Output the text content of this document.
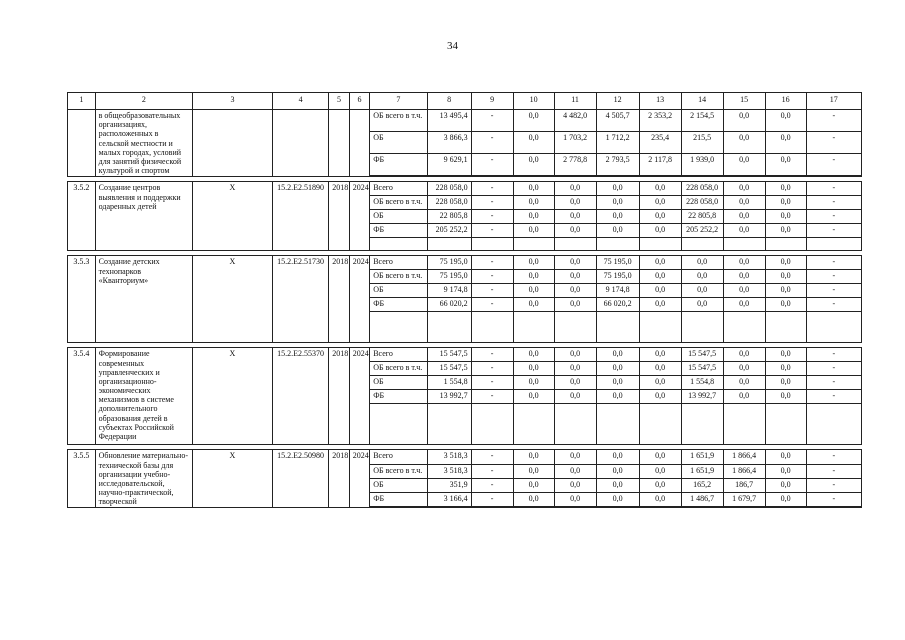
34
1	2	3	4	5	6	7	8	9	10	11	12	13	14	15	16	17
	в общеобразовательных организациях, расположенных в сельской местности и малых городах, условий для занятий физической культурой и спортом					ОБ всего в т.ч.	13 495,4	-	0,0	4 482,0	4 505,7	2 353,2	2 154,5	0,0	0,0	-
						ОБ	3 866,3	-	0,0	1 703,2	1 712,2	235,4	215,5	0,0	0,0	-
						ФБ	9 629,1	-	0,0	2 778,8	2 793,5	2 117,8	1 939,0	0,0	0,0	-

3.5.2	Создание центров выявления и поддержки одаренных детей	Х	15.2.Е2.51890	2018	2024	Всего	228 058,0	-	0,0	0,0	0,0	0,0	228 058,0	0,0	0,0	-
						ОБ всего в т.ч.	228 058,0	-	0,0	0,0	0,0	0,0	228 058,0	0,0	0,0	-
						ОБ	22 805,8	-	0,0	0,0	0,0	0,0	22 805,8	0,0	0,0	-
						ФБ	205 252,2	-	0,0	0,0	0,0	0,0	205 252,2	0,0	0,0	-

3.5.3	Создание детских технопарков «Кванториум»	Х	15.2.Е2.51730	2018	2024	Всего	75 195,0	-	0,0	0,0	75 195,0	0,0	0,0	0,0	0,0	-
						ОБ всего в т.ч.	75 195,0	-	0,0	0,0	75 195,0	0,0	0,0	0,0	0,0	-
						ОБ	9 174,8	-	0,0	0,0	9 174,8	0,0	0,0	0,0	0,0	-
						ФБ	66 020,2	-	0,0	0,0	66 020,2	0,0	0,0	0,0	0,0	-

3.5.4	Формирование современных управленческих и организационно-экономических механизмов в системе дополнительного образования детей в субъектах Российской Федерации	Х	15.2.Е2.55370	2018	2024	Всего	15 547,5	-	0,0	0,0	0,0	0,0	15 547,5	0,0	0,0	-
						ОБ всего в т.ч.	15 547,5	-	0,0	0,0	0,0	0,0	15 547,5	0,0	0,0	-
						ОБ	1 554,8	-	0,0	0,0	0,0	0,0	1 554,8	0,0	0,0	-
						ФБ	13 992,7	-	0,0	0,0	0,0	0,0	13 992,7	0,0	0,0	-

3.5.5	Обновление материально-технической базы для организации учебно-исследовательской, научно-практической, творческой	Х	15.2.Е2.50980	2018	2024	Всего	3 518,3	-	0,0	0,0	0,0	0,0	1 651,9	1 866,4	0,0	-
						ОБ всего в т.ч.	3 518,3	-	0,0	0,0	0,0	0,0	1 651,9	1 866,4	0,0	-
						ОБ	351,9	-	0,0	0,0	0,0	0,0	165,2	186,7	0,0	-
						ФБ	3 166,4	-	0,0	0,0	0,0	0,0	1 486,7	1 679,7	0,0	-
